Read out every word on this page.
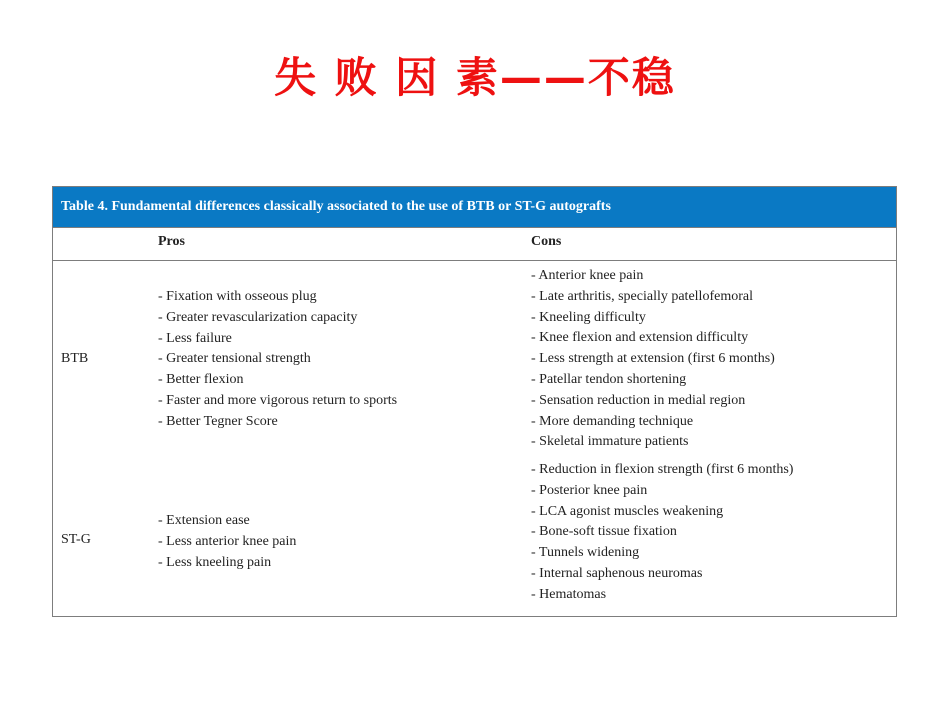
失 败 因 素——不稳
Table 4. Fundamental differences classically associated to the use of BTB or ST-G autografts
Pros	Cons
BTB
- Fixation with osseous plug
- Greater revascularization capacity
- Less failure
- Greater tensional strength
- Better flexion
- Faster and more vigorous return to sports
- Better Tegner Score
- Anterior knee pain
- Late arthritis, specially patellofemoral
- Kneeling difficulty
- Knee flexion and extension difficulty
- Less strength at extension (first 6 months)
- Patellar tendon shortening
- Sensation reduction in medial region
- More demanding technique
- Skeletal immature patients
ST-G
- Extension ease
- Less anterior knee pain
- Less kneeling pain
- Reduction in flexion strength (first 6 months)
- Posterior knee pain
- LCA agonist muscles weakening
- Bone-soft tissue fixation
- Tunnels widening
- Internal saphenous neuromas
- Hematomas
